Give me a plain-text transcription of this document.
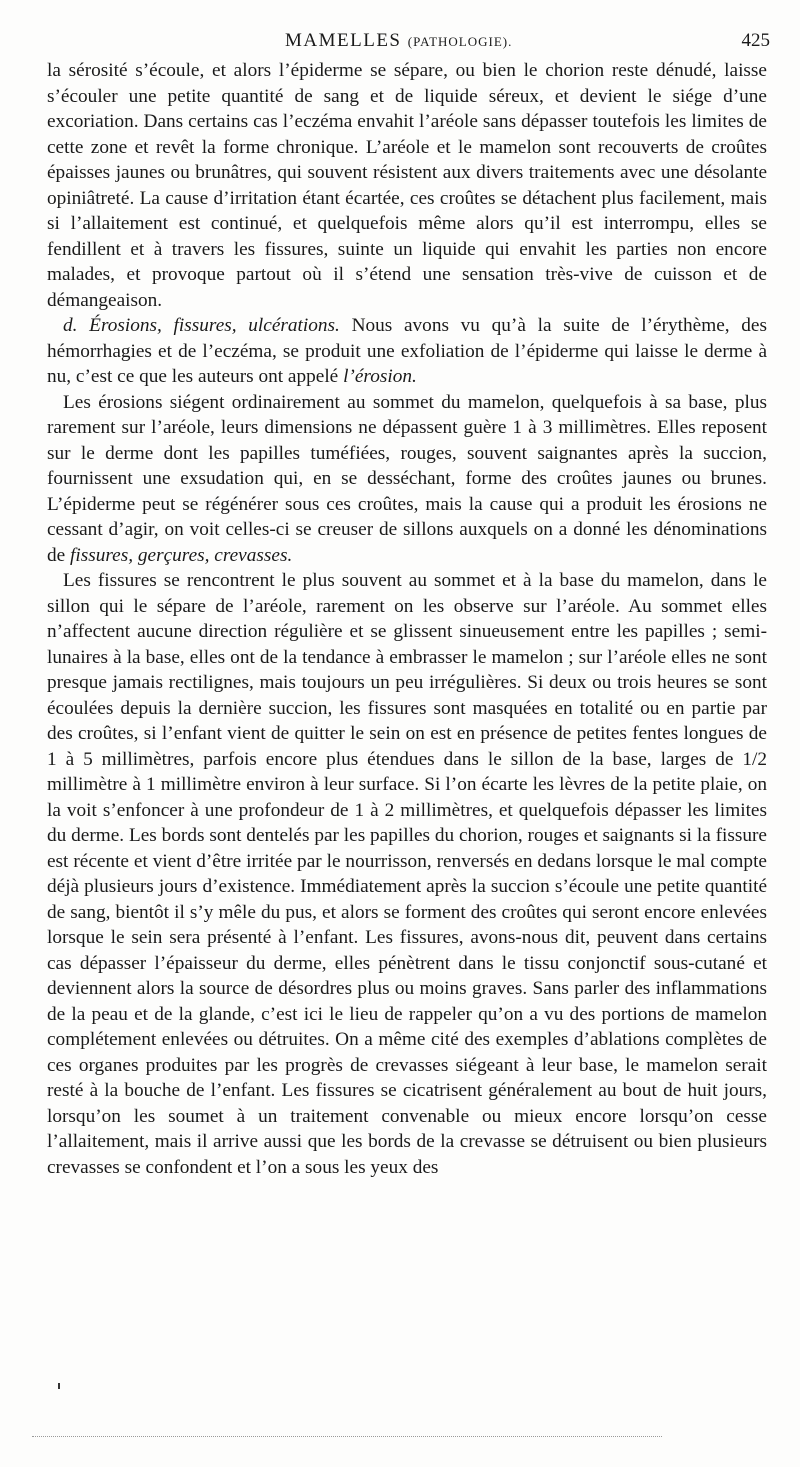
MAMELLES (PATHOLOGIE).	425

la sérosité s’écoule, et alors l’épiderme se sépare, ou bien le chorion reste dénudé, laisse s’écouler une petite quantité de sang et de liquide séreux, et devient le siége d’une excoriation. Dans certains cas l’eczéma envahit l’aréole sans dépasser toutefois les limites de cette zone et revêt la forme chronique. L’aréole et le mamelon sont recouverts de croûtes épaisses jaunes ou brunâtres, qui souvent résistent aux divers traitements avec une désolante opiniâtreté. La cause d’irritation étant écartée, ces croûtes se détachent plus facilement, mais si l’allaitement est continué, et quelquefois même alors qu’il est interrompu, elles se fendillent et à travers les fissures, suinte un liquide qui envahit les parties non encore malades, et provoque partout où il s’étend une sensation très-vive de cuisson et de démangeaison.

d. Érosions, fissures, ulcérations. Nous avons vu qu’à la suite de l’érythème, des hémorrhagies et de l’eczéma, se produit une exfoliation de l’épiderme qui laisse le derme à nu, c’est ce que les auteurs ont appelé l’érosion.

Les érosions siégent ordinairement au sommet du mamelon, quelquefois à sa base, plus rarement sur l’aréole, leurs dimensions ne dépassent guère 1 à 3 millimètres. Elles reposent sur le derme dont les papilles tuméfiées, rouges, souvent saignantes après la succion, fournissent une exsudation qui, en se desséchant, forme des croûtes jaunes ou brunes. L’épiderme peut se régénérer sous ces croûtes, mais la cause qui a produit les érosions ne cessant d’agir, on voit celles-ci se creuser de sillons auxquels on a donné les dénominations de fissures, gerçures, crevasses.

Les fissures se rencontrent le plus souvent au sommet et à la base du mamelon, dans le sillon qui le sépare de l’aréole, rarement on les observe sur l’aréole. Au sommet elles n’affectent aucune direction régulière et se glissent sinueusement entre les papilles ; semi-lunaires à la base, elles ont de la tendance à embrasser le mamelon ; sur l’aréole elles ne sont presque jamais rectilignes, mais toujours un peu irrégulières. Si deux ou trois heures se sont écoulées depuis la dernière succion, les fissures sont masquées en totalité ou en partie par des croûtes, si l’enfant vient de quitter le sein on est en présence de petites fentes longues de 1 à 5 millimètres, parfois encore plus étendues dans le sillon de la base, larges de 1/2 millimètre à 1 millimètre environ à leur surface. Si l’on écarte les lèvres de la petite plaie, on la voit s’enfoncer à une profondeur de 1 à 2 millimètres, et quelquefois dépasser les limites du derme. Les bords sont dentelés par les papilles du chorion, rouges et saignants si la fissure est récente et vient d’être irritée par le nourrisson, renversés en dedans lorsque le mal compte déjà plusieurs jours d’existence. Immédiatement après la succion s’écoule une petite quantité de sang, bientôt il s’y mêle du pus, et alors se forment des croûtes qui seront encore enlevées lorsque le sein sera présenté à l’enfant. Les fissures, avons-nous dit, peuvent dans certains cas dépasser l’épaisseur du derme, elles pénètrent dans le tissu conjonctif sous-cutané et deviennent alors la source de désordres plus ou moins graves. Sans parler des inflammations de la peau et de la glande, c’est ici le lieu de rappeler qu’on a vu des portions de mamelon complétement enlevées ou détruites. On a même cité des exemples d’ablations complètes de ces organes produites par les progrès de crevasses siégeant à leur base, le mamelon serait resté à la bouche de l’enfant. Les fissures se cicatrisent généralement au bout de huit jours, lorsqu’on les soumet à un traitement convenable ou mieux encore lorsqu’on cesse l’allaitement, mais il arrive aussi que les bords de la crevasse se détruisent ou bien plusieurs crevasses se confondent et l’on a sous les yeux des
